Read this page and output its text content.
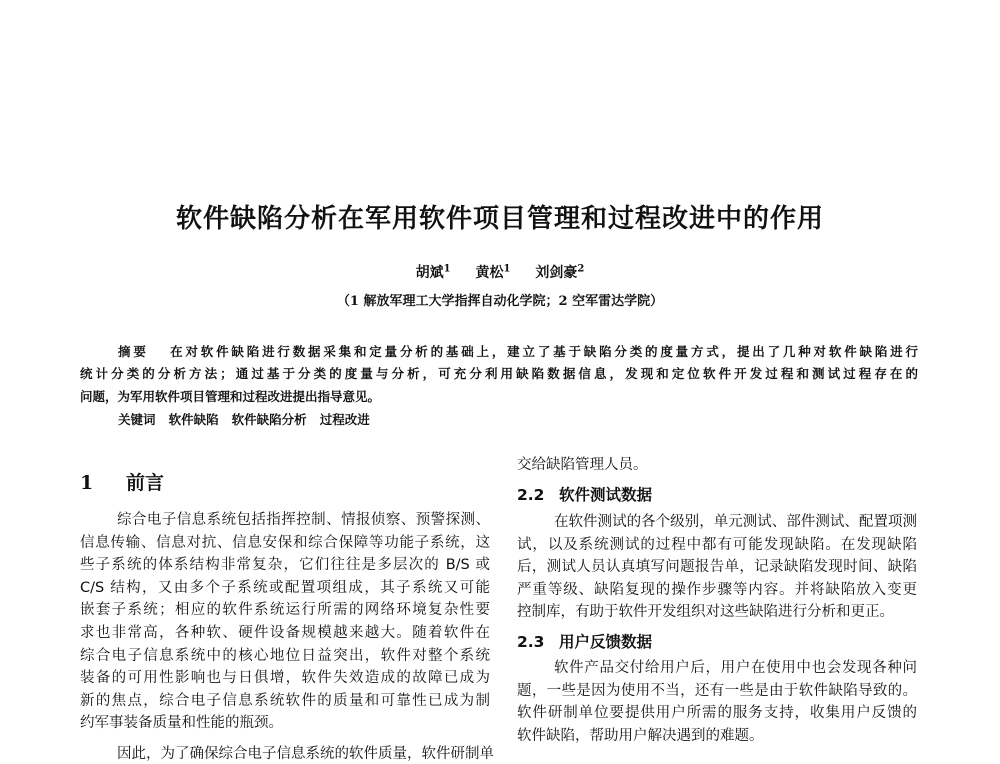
软件缺陷分析在军用软件项目管理和过程改进中的作用
胡斌$^1$ 黄松$^1$ 刘剑豪$^2$
（1 解放军理工大学指挥自动化学院；2 空军雷达学院）
摘要 在对软件缺陷进行数据采集和定量分析的基础上，建立了基于缺陷分类的度量方式，提出了几种对软件缺陷进行
统计分类的分析方法；通过基于分类的度量与分析，可充分利用缺陷数据信息，发现和定位软件开发过程和测试过程存在的
问题，为军用软件项目管理和过程改进提出指导意见。
关键词 软件缺陷 软件缺陷分析 过程改进
1 前言
综合电子信息系统包括指挥控制、情报侦察、预警探测、
信息传输、信息对抗、信息安保和综合保障等功能子系统，这
些子系统的体系结构非常复杂，它们往往是多层次的 B/S 或
C/S 结构，又由多个子系统或配置项组成，其子系统又可能
嵌套子系统；相应的软件系统运行所需的网络环境复杂性要
求也非常高，各种软、硬件设备规模越来越大。随着软件在
综合电子信息系统中的核心地位日益突出，软件对整个系统
装备的可用性影响也与日俱增，软件失效造成的故障已成为
新的焦点，综合电子信息系统软件的质量和可靠性已成为制
约军事装备质量和性能的瓶颈。
因此，为了确保综合电子信息系统的软件质量，软件研制单
交给缺陷管理人员。
2.2 软件测试数据
2.3 用户反馈数据
在软件测试的各个级别，单元测试、部件测试、配置项测
试，以及系统测试的过程中都有可能发现缺陷。在发现缺陷
后，测试人员认真填写问题报告单，记录缺陷发现时间、缺陷
严重等级、缺陷复现的操作步骤等内容。并将缺陷放入变更
控制库，有助于软件开发组织对这些缺陷进行分析和更正。
软件产品交付给用户后，用户在使用中也会发现各种问
题，一些是因为使用不当，还有一些是由于软件缺陷导致的。
软件研制单位要提供用户所需的服务支持，收集用户反馈的
软件缺陷，帮助用户解决遇到的难题。
